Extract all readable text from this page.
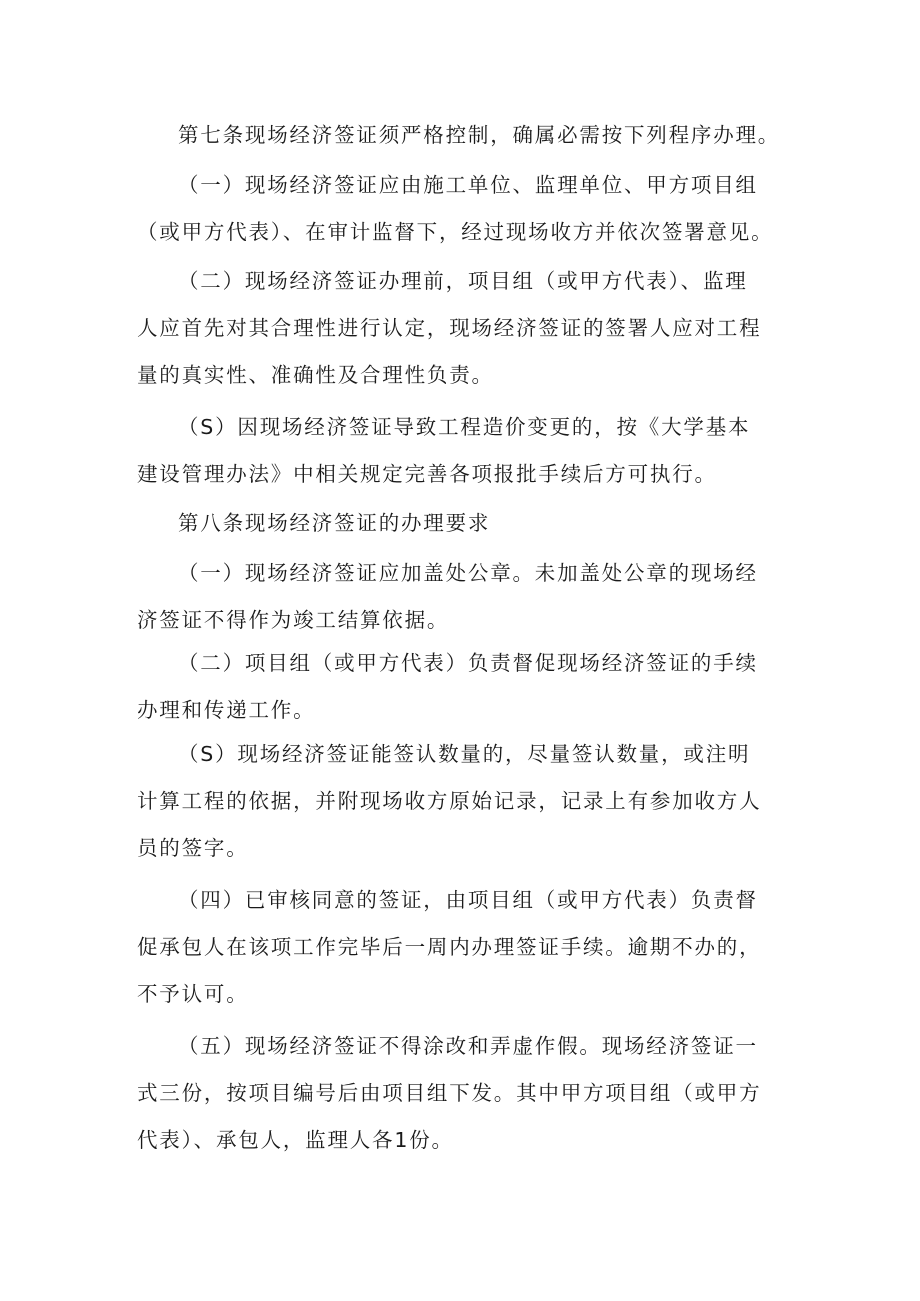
第七条现场经济签证须严格控制，确属必需按下列程序办理。

（一）现场经济签证应由施工单位、监理单位、甲方项目组
（或甲方代表）、在审计监督下，经过现场收方并依次签署意见。

（二）现场经济签证办理前，项目组（或甲方代表）、监理
人应首先对其合理性进行认定，现场经济签证的签署人应对工程
量的真实性、准确性及合理性负责。

（S）因现场经济签证导致工程造价变更的，按《大学基本
建设管理办法》中相关规定完善各项报批手续后方可执行。

第八条现场经济签证的办理要求

（一）现场经济签证应加盖处公章。未加盖处公章的现场经
济签证不得作为竣工结算依据。

（二）项目组（或甲方代表）负责督促现场经济签证的手续
办理和传递工作。

（S）现场经济签证能签认数量的，尽量签认数量，或注明
计算工程的依据，并附现场收方原始记录，记录上有参加收方人
员的签字。

（四）已审核同意的签证，由项目组（或甲方代表）负责督
促承包人在该项工作完毕后一周内办理签证手续。逾期不办的，
不予认可。

（五）现场经济签证不得涂改和弄虚作假。现场经济签证一
式三份，按项目编号后由项目组下发。其中甲方项目组（或甲方
代表）、承包人，监理人各1份。
